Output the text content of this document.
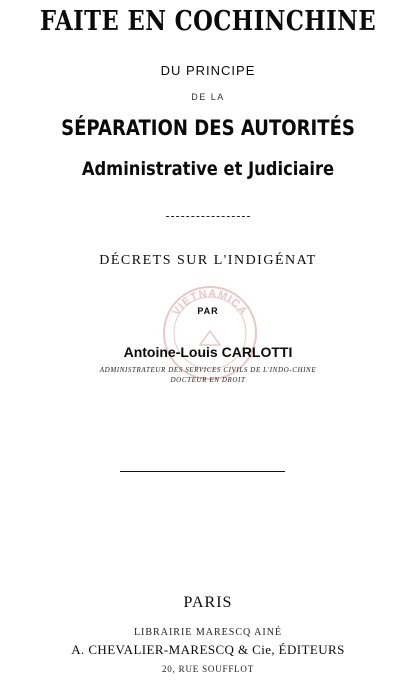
FAITE EN COCHINCHINE
DU PRINCIPE
DE LA
SÉPARATION DES AUTORITÉS
Administrative et Judiciaire
DÉCRETS SUR L'INDIGÉNAT
VIETNAMICA
PAR
Antoine-Louis CARLOTTI
ADMINISTRATEUR DES SERVICES CIVILS DE L'INDO-CHINE
DOCTEUR EN DROIT
PARIS
LIBRAIRIE MARESCQ AINÉ
A. CHEVALIER-MARESCQ & Cie, ÉDITEURS
20, RUE SOUFFLOT
